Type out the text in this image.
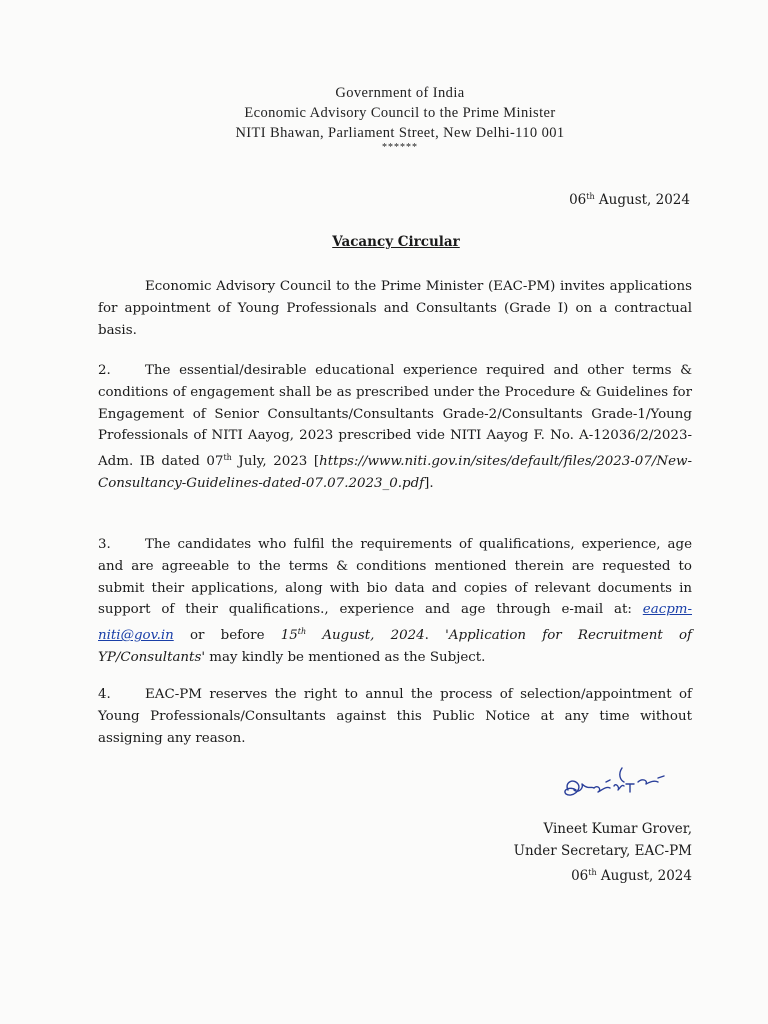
Government of India
Economic Advisory Council to the Prime Minister
NITI Bhawan, Parliament Street, New Delhi-110 001
******
06th August, 2024
Vacancy Circular
Economic Advisory Council to the Prime Minister (EAC-PM) invites applications for appointment of Young Professionals and Consultants (Grade I) on a contractual basis.
2.	The essential/desirable educational experience required and other terms & conditions of engagement shall be as prescribed under the Procedure & Guidelines for Engagement of Senior Consultants/Consultants Grade-2/Consultants Grade-1/Young Professionals of NITI Aayog, 2023 prescribed vide NITI Aayog F. No. A-12036/2/2023-Adm. IB dated 07th July, 2023 [https://www.niti.gov.in/sites/default/files/2023-07/New-Consultancy-Guidelines-dated-07.07.2023_0.pdf].
3.	The candidates who fulfil the requirements of qualifications, experience, age and are agreeable to the terms & conditions mentioned therein are requested to submit their applications, along with bio data and copies of relevant documents in support of their qualifications., experience and age through e-mail at: eacpm-niti@gov.in or before 15th August, 2024. 'Application for Recruitment of YP/Consultants' may kindly be mentioned as the Subject.
4.	EAC-PM reserves the right to annul the process of selection/appointment of Young Professionals/Consultants against this Public Notice at any time without assigning any reason.
Vineet Kumar Grover,
Under Secretary, EAC-PM
06th August, 2024
